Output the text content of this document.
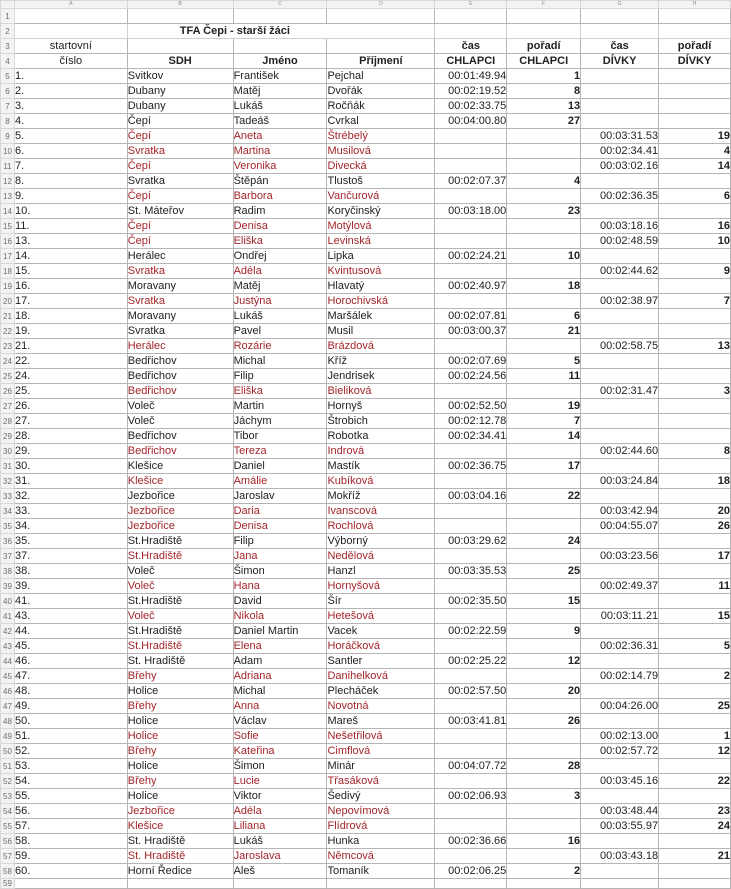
	A	B	C	D	E	F	G	H
1								
2		TFA Čepi - starší žáci						
3	startovní				čas	pořadí	čas	pořadí
4	číslo	SDH	Jméno	Příjmení	CHLAPCI	CHLAPCI	DÍVKY	DÍVKY
5	1.	Svitkov	František	Pejchal	00:01:49.94	1		
6	2.	Dubany	Matěj	Dvořák	00:02:19.52	8		
7	3.	Dubany	Lukáš	Ročňák	00:02:33.75	13		
8	4.	Čepí	Tadeáš	Cvrkal	00:04:00.80	27		
9	5.	Čepí	Aneta	Štrébelý			00:03:31.53	19
10	6.	Svratka	Martina	Musilová			00:02:34.41	4
11	7.	Čepí	Veronika	Divecká			00:03:02.16	14
12	8.	Svratka	Štěpán	Tlustoš	00:02:07.37	4		
13	9.	Čepí	Barbora	Vančurová			00:02:36.35	6
14	10.	St. Máteřov	Radim	Koryčinský	00:03:18.00	23		
15	11.	Čepí	Denisa	Motýlová			00:03:18.16	16
16	13.	Čepí	Eliška	Levinská			00:02:48.59	10
17	14.	Herálec	Ondřej	Lipka	00:02:24.21	10		
18	15.	Svratka	Adéla	Kvintusová			00:02:44.62	9
19	16.	Moravany	Matěj	Hlavatý	00:02:40.97	18		
20	17.	Svratka	Justýna	Horochivská			00:02:38.97	7
21	18.	Moravany	Lukáš	Maršálek	00:02:07.81	6		
22	19.	Svratka	Pavel	Musil	00:03:00.37	21		
23	21.	Herálec	Rozárie	Brázdová			00:02:58.75	13
24	22.	Bedřichov	Michal	Kříž	00:02:07.69	5		
25	24.	Bedřichov	Filip	Jendrisek	00:02:24.56	11		
26	25.	Bedřichov	Eliška	Bieliková			00:02:31.47	3
27	26.	Voleč	Martin	Hornyš	00:02:52.50	19		
28	27.	Voleč	Jáchym	Štrobich	00:02:12.78	7		
29	28.	Bedřichov	Tibor	Robotka	00:02:34.41	14		
30	29.	Bedřichov	Tereza	Indrová			00:02:44.60	8
31	30.	Klešice	Daniel	Mastík	00:02:36.75	17		
32	31.	Klešice	Amálie	Kubíková			00:03:24.84	18
33	32.	Jezbořice	Jaroslav	Mokříž	00:03:04.16	22		
34	33.	Jezbořice	Daria	Ivanscová			00:03:42.94	20
35	34.	Jezbořice	Denisa	Rochlová			00:04:55.07	26
36	35.	St.Hradiště	Filip	Výborný	00:03:29.62	24		
37	37.	St.Hradiště	Jana	Nedělová			00:03:23.56	17
38	38.	Voleč	Šimon	Hanzl	00:03:35.53	25		
39	39.	Voleč	Hana	Hornyšová			00:02:49.37	11
40	41.	St.Hradiště	David	Šír	00:02:35.50	15		
41	43.	Voleč	Nikola	Hetešová			00:03:11.21	15
42	44.	St.Hradiště	Daniel Martin	Vacek	00:02:22.59	9		
43	45.	St.Hradiště	Elena	Horáčková			00:02:36.31	5
44	46.	St. Hradiště	Adam	Santler	00:02:25.22	12		
45	47.	Břehy	Adriana	Danihelková			00:02:14.79	2
46	48.	Holice	Michal	Plecháček	00:02:57.50	20		
47	49.	Břehy	Anna	Novotná			00:04:26.00	25
48	50.	Holice	Václav	Mareš	00:03:41.81	26		
49	51.	Holice	Sofie	Nešetřilová			00:02:13.00	1
50	52.	Břehy	Kateřina	Cimflová			00:02:57.72	12
51	53.	Holice	Šimon	Minár	00:04:07.72	28		
52	54.	Břehy	Lucie	Třasáková			00:03:45.16	22
53	55.	Holice	Viktor	Šedivý	00:02:06.93	3		
54	56.	Jezbořice	Adéla	Nepovímová			00:03:48.44	23
55	57.	Klešice	Liliana	Flídrová			00:03:55.97	24
56	58.	St. Hradiště	Lukáš	Hunka	00:02:36.66	16		
57	59.	St. Hradiště	Jaroslava	Němcová			00:03:43.18	21
58	60.	Horní Ředice	Aleš	Tomaník	00:02:06.25	2		
59								
